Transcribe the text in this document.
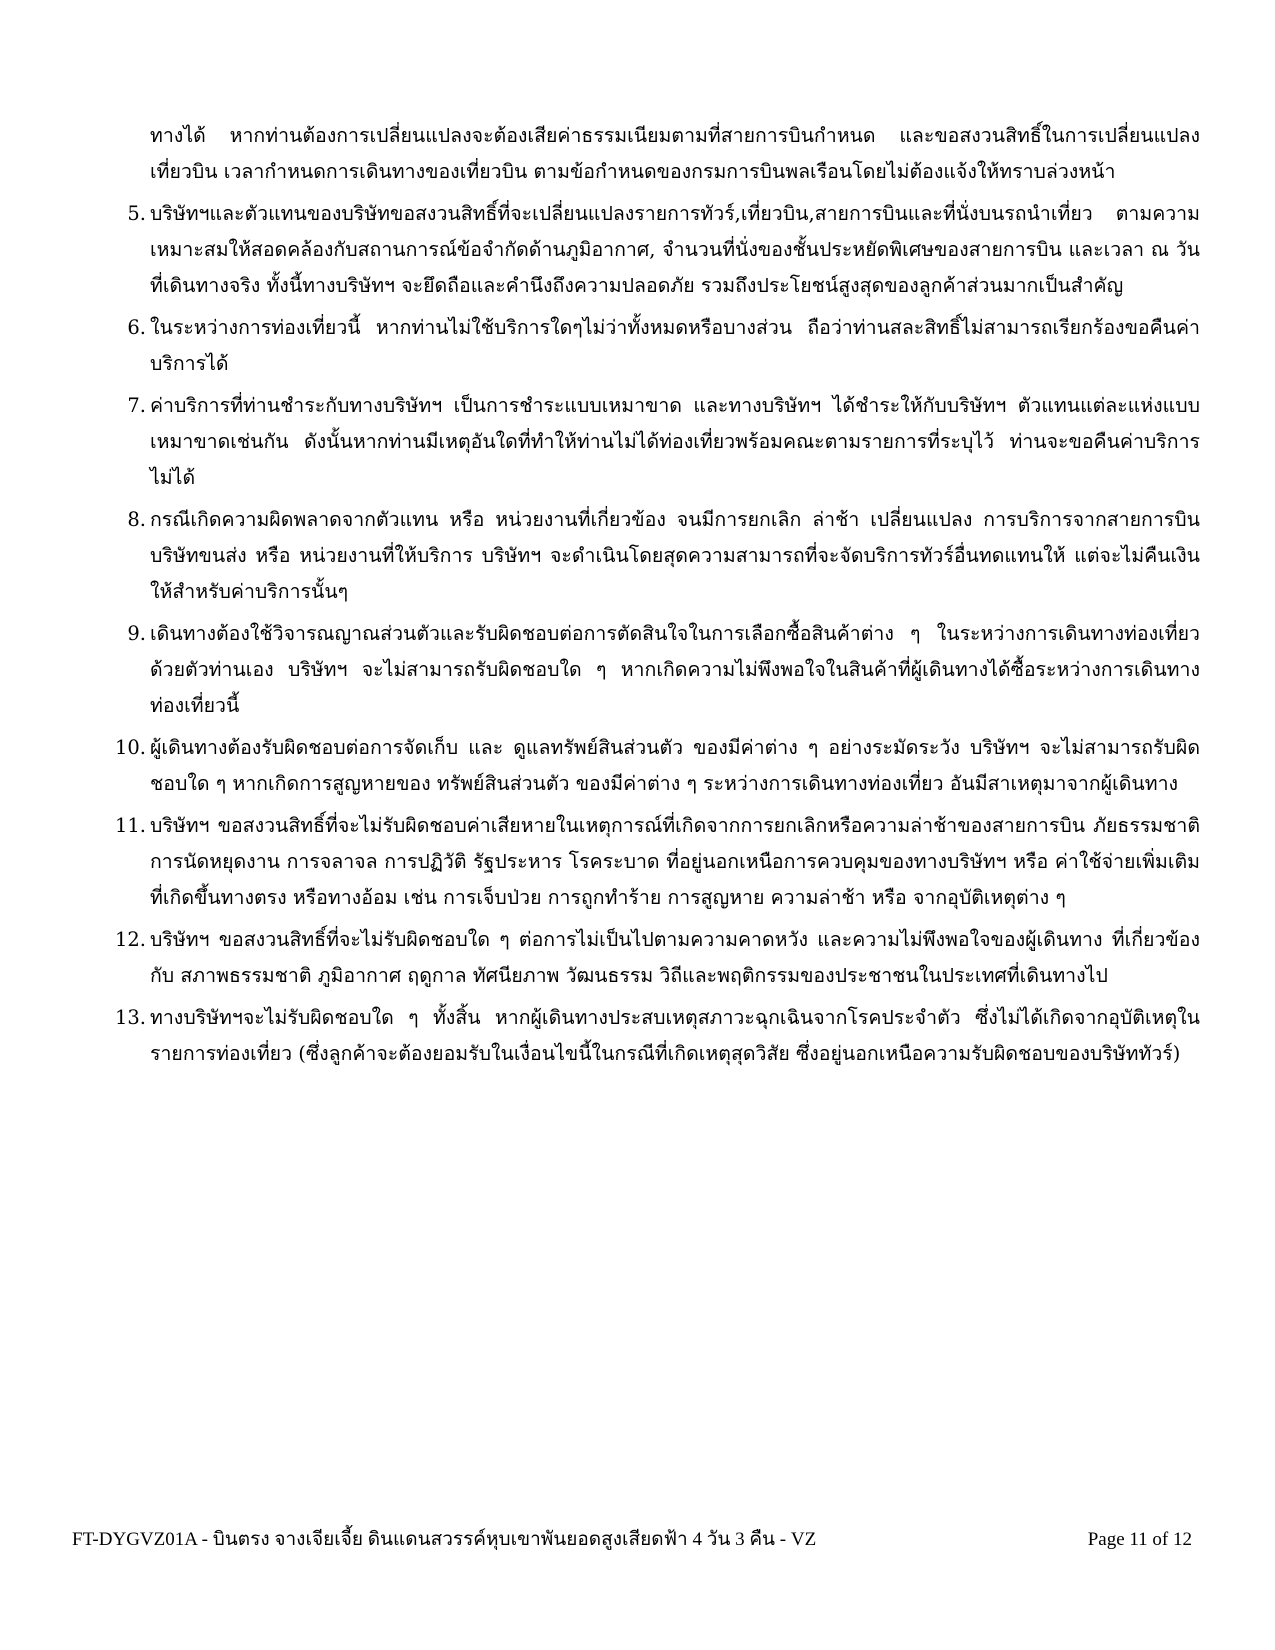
ทางได้ หากท่านต้องการเปลี่ยนแปลงจะต้องเสียค่าธรรมเนียมตามที่สายการบินกำหนด และขอสงวนสิทธิ์ในการเปลี่ยนแปลงเที่ยวบิน เวลากำหนดการเดินทางของเที่ยวบิน ตามข้อกำหนดของกรมการบินพลเรือนโดยไม่ต้องแจ้งให้ทราบล่วงหน้า

5. บริษัทฯและตัวแทนของบริษัทขอสงวนสิทธิ์ที่จะเปลี่ยนแปลงรายการทัวร์,เที่ยวบิน,สายการบินและที่นั่งบนรถนำเที่ยว ตามความเหมาะสมให้สอดคล้องกับสถานการณ์ข้อจำกัดด้านภูมิอากาศ, จำนวนที่นั่งของชั้นประหยัดพิเศษของสายการบิน และเวลา ณ วันที่เดินทางจริง ทั้งนี้ทางบริษัทฯ จะยึดถือและคำนึงถึงความปลอดภัย รวมถึงประโยชน์สูงสุดของลูกค้าส่วนมากเป็นสำคัญ
6. ในระหว่างการท่องเที่ยวนี้ หากท่านไม่ใช้บริการใดๆไม่ว่าทั้งหมดหรือบางส่วน ถือว่าท่านสละสิทธิ์ไม่สามารถเรียกร้องขอคืนค่าบริการได้
7. ค่าบริการที่ท่านชำระกับทางบริษัทฯ เป็นการชำระแบบเหมาขาด และทางบริษัทฯ ได้ชำระให้กับบริษัทฯ ตัวแทนแต่ละแห่งแบบเหมาขาดเช่นกัน ดังนั้นหากท่านมีเหตุอันใดที่ทำให้ท่านไม่ได้ท่องเที่ยวพร้อมคณะตามรายการที่ระบุไว้ ท่านจะขอคืนค่าบริการไม่ได้
8. กรณีเกิดความผิดพลาดจากตัวแทน หรือ หน่วยงานที่เกี่ยวข้อง จนมีการยกเลิก ล่าช้า เปลี่ยนแปลง การบริการจากสายการบิน บริษัทขนส่ง หรือ หน่วยงานที่ให้บริการ บริษัทฯ จะดำเนินโดยสุดความสามารถที่จะจัดบริการทัวร์อื่นทดแทนให้ แต่จะไม่คืนเงินให้สำหรับค่าบริการนั้นๆ
9. เดินทางต้องใช้วิจารณญาณส่วนตัวและรับผิดชอบต่อการตัดสินใจในการเลือกซื้อสินค้าต่าง ๆ ในระหว่างการเดินทางท่องเที่ยวด้วยตัวท่านเอง บริษัทฯ จะไม่สามารถรับผิดชอบใด ๆ หากเกิดความไม่พึงพอใจในสินค้าที่ผู้เดินทางได้ซื้อระหว่างการเดินทางท่องเที่ยวนี้
10. ผู้เดินทางต้องรับผิดชอบต่อการจัดเก็บ และ ดูแลทรัพย์สินส่วนตัว ของมีค่าต่าง ๆ อย่างระมัดระวัง บริษัทฯ จะไม่สามารถรับผิดชอบใด ๆ หากเกิดการสูญหายของ ทรัพย์สินส่วนตัว ของมีค่าต่าง ๆ ระหว่างการเดินทางท่องเที่ยว อันมีสาเหตุมาจากผู้เดินทาง
11. บริษัทฯ ขอสงวนสิทธิ์ที่จะไม่รับผิดชอบค่าเสียหายในเหตุการณ์ที่เกิดจากการยกเลิกหรือความล่าช้าของสายการบิน ภัยธรรมชาติ การนัดหยุดงาน การจลาจล การปฏิวัติ รัฐประหาร โรคระบาด ที่อยู่นอกเหนือการควบคุมของทางบริษัทฯ หรือ ค่าใช้จ่ายเพิ่มเติมที่เกิดขึ้นทางตรง หรือทางอ้อม เช่น การเจ็บป่วย การถูกทำร้าย การสูญหาย ความล่าช้า หรือ จากอุบัติเหตุต่าง ๆ
12. บริษัทฯ ขอสงวนสิทธิ์ที่จะไม่รับผิดชอบใด ๆ ต่อการไม่เป็นไปตามความคาดหวัง และความไม่พึงพอใจของผู้เดินทาง ที่เกี่ยวข้องกับ สภาพธรรมชาติ ภูมิอากาศ ฤดูกาล ทัศนียภาพ วัฒนธรรม วิถีและพฤติกรรมของประชาชนในประเทศที่เดินทางไป
13. ทางบริษัทฯจะไม่รับผิดชอบใด ๆ ทั้งสิ้น หากผู้เดินทางประสบเหตุสภาวะฉุกเฉินจากโรคประจำตัว ซึ่งไม่ได้เกิดจากอุบัติเหตุในรายการท่องเที่ยว (ซึ่งลูกค้าจะต้องยอมรับในเงื่อนไขนี้ในกรณีที่เกิดเหตุสุดวิสัย ซึ่งอยู่นอกเหนือความรับผิดชอบของบริษัททัวร์)
FT-DYGVZ01A - บินตรง จางเจียเจี้ย ดินแดนสวรรค์หุบเขาพันยอดสูงเสียดฟ้า 4 วัน 3 คืน - VZ	Page 11 of 12
